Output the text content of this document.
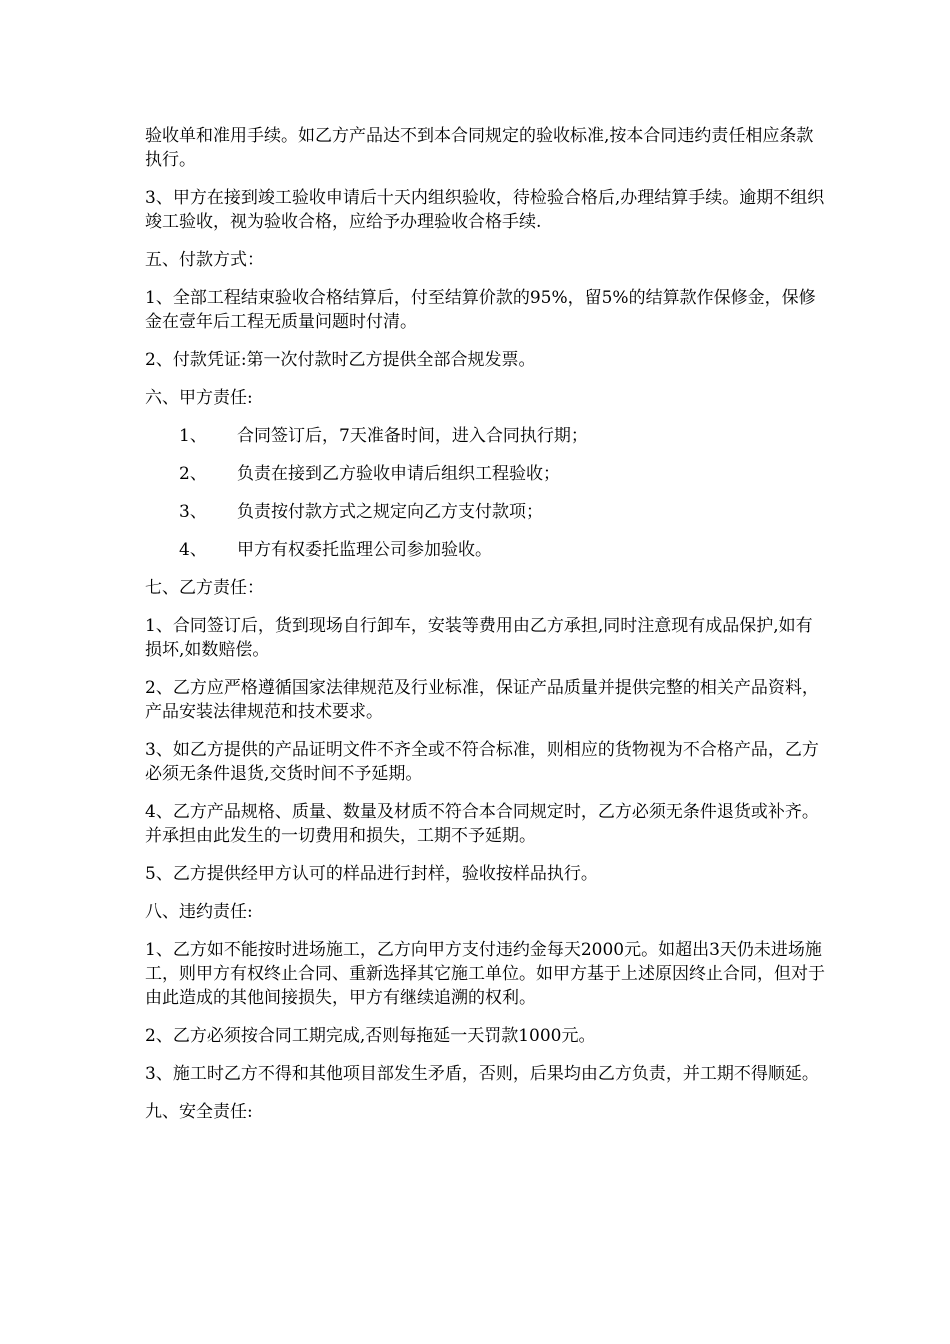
验收单和准用手续。如乙方产品达不到本合同规定的验收标准,按本合同违约责任相应条款执行。

3、甲方在接到竣工验收申请后十天内组织验收，待检验合格后,办理结算手续。逾期不组织竣工验收，视为验收合格，应给予办理验收合格手续.

五、付款方式：

1、全部工程结束验收合格结算后，付至结算价款的95%，留5%的结算款作保修金，保修金在壹年后工程无质量问题时付清。

2、付款凭证:第一次付款时乙方提供全部合规发票。

六、甲方责任:

1、	合同签订后，7天准备时间，进入合同执行期；
2、	负责在接到乙方验收申请后组织工程验收；
3、	负责按付款方式之规定向乙方支付款项；
4、	甲方有权委托监理公司参加验收。

七、乙方责任：

1、合同签订后，货到现场自行卸车，安装等费用由乙方承担,同时注意现有成品保护,如有损坏,如数赔偿。

2、乙方应严格遵循国家法律规范及行业标准，保证产品质量并提供完整的相关产品资料，产品安装法律规范和技术要求。

3、如乙方提供的产品证明文件不齐全或不符合标准，则相应的货物视为不合格产品，乙方必须无条件退货,交货时间不予延期。

4、乙方产品规格、质量、数量及材质不符合本合同规定时，乙方必须无条件退货或补齐。并承担由此发生的一切费用和损失，工期不予延期。

5、乙方提供经甲方认可的样品进行封样，验收按样品执行。

八、违约责任:

1、乙方如不能按时进场施工，乙方向甲方支付违约金每天2000元。如超出3天仍未进场施工，则甲方有权终止合同、重新选择其它施工单位。如甲方基于上述原因终止合同，但对于由此造成的其他间接损失，甲方有继续追溯的权利。

2、乙方必须按合同工期完成,否则每拖延一天罚款1000元。

3、施工时乙方不得和其他项目部发生矛盾，否则，后果均由乙方负责，并工期不得顺延。

九、安全责任:
